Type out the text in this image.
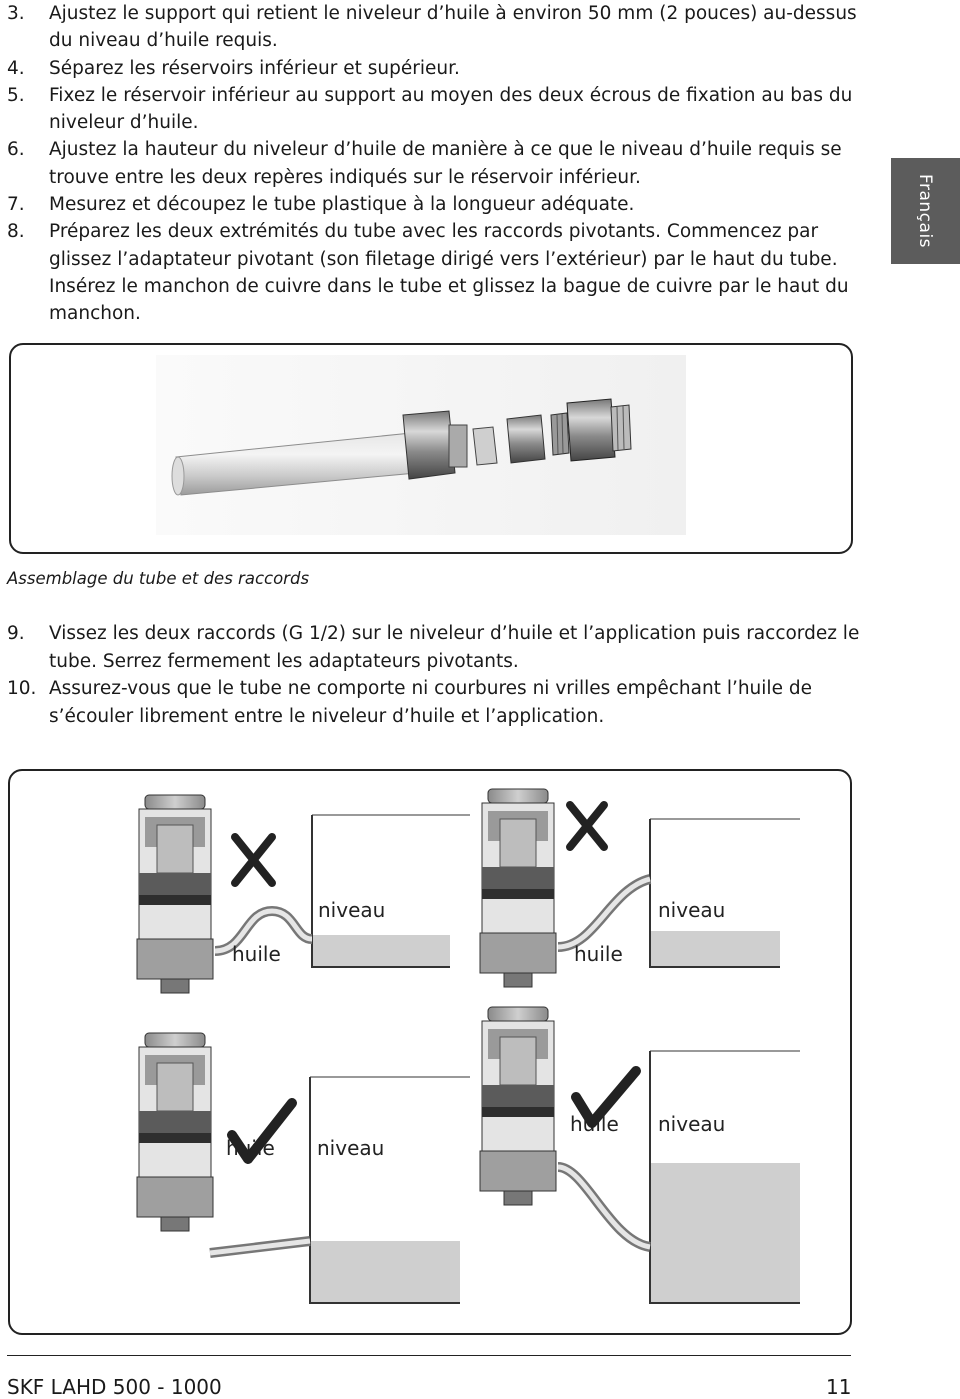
3.	Ajustez le support qui retient le niveleur d’huile à environ 50 mm (2 pouces) au-dessus du niveau d’huile requis.
4.	Séparez les réservoirs inférieur et supérieur.
5.	Fixez le réservoir inférieur au support au moyen des deux écrous de fixation au bas du niveleur d’huile.
6.	Ajustez la hauteur du niveleur d’huile de manière à ce que le niveau d’huile requis se trouve entre les deux repères indiqués sur le réservoir inférieur.
7.	Mesurez et découpez le tube plastique à la longueur adéquate.
8.	Préparez les deux extrémités du tube avec les raccords pivotants. Commencez par glissez l’adaptateur pivotant (son filetage dirigé vers l’extérieur) par le haut du tube. Insérez le manchon de cuivre dans le tube et glissez la bague de cuivre par le haut du manchon.
Français
Assemblage du tube et des raccords
9.	Vissez les deux raccords (G 1/2) sur le niveleur d’huile et l’application puis raccordez le tube. Serrez fermement les adaptateurs pivotants.
10. Assurez-vous que le tube ne comporte ni courbures ni vrilles empêchant l’huile de s’écouler librement entre le niveleur d’huile et l’application.
niveau
huile
niveau
huile
huile niveau
huile niveau
SKF LAHD 500 - 1000	11
